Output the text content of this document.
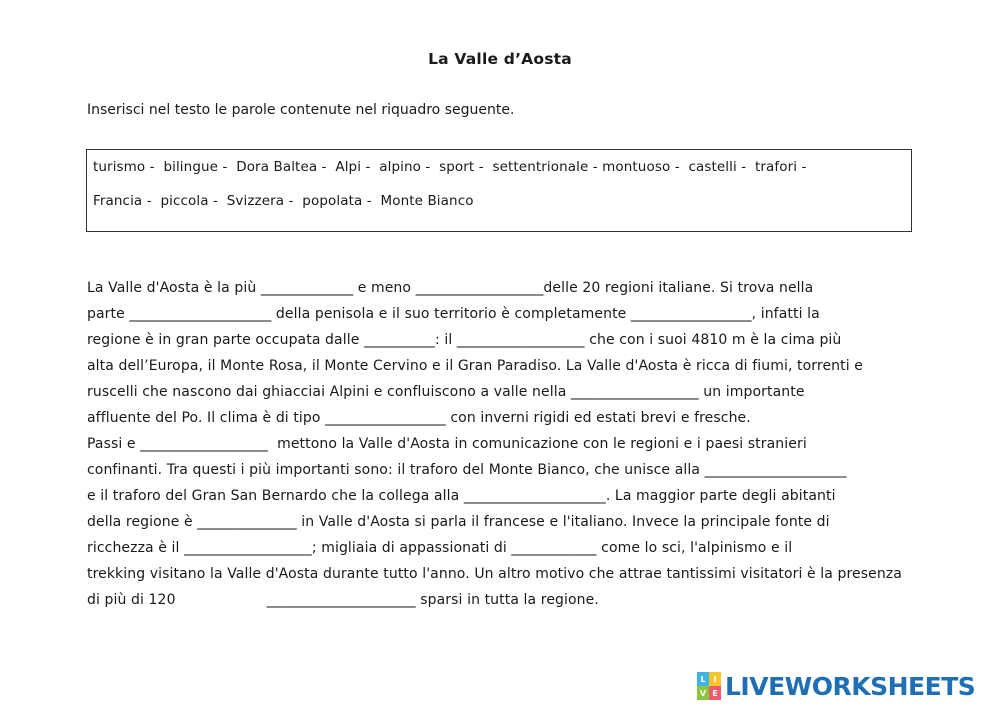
La Valle d’Aosta
Inserisci nel testo le parole contenute nel riquadro seguente.
turismo -  bilingue -  Dora Baltea -  Alpi -  alpino -  sport -  settentrionale - montuoso -  castelli -  trafori -
Francia -  piccola -  Svizzera -  popolata -  Monte Bianco
La Valle d'Aosta è la più _____________ e meno __________________delle 20 regioni italiane. Si trova nella
parte ____________________ della penisola e il suo territorio è completamente _________________, infatti la
regione è in gran parte occupata dalle __________: il __________________ che con i suoi 4810 m è la cima più
alta dell’Europa, il Monte Rosa, il Monte Cervino e il Gran Paradiso. La Valle d'Aosta è ricca di fiumi, torrenti e
ruscelli che nascono dai ghiacciai Alpini e confluiscono a valle nella __________________ un importante
affluente del Po. Il clima è di tipo _________________ con inverni rigidi ed estati brevi e fresche.
Passi e __________________  mettono la Valle d'Aosta in comunicazione con le regioni e i paesi stranieri
confinanti. Tra questi i più importanti sono: il traforo del Monte Bianco, che unisce alla ____________________
e il traforo del Gran San Bernardo che la collega alla ____________________. La maggior parte degli abitanti
della regione è ______________ in Valle d'Aosta si parla il francese e l'italiano. Invece la principale fonte di
ricchezza è il __________________; migliaia di appassionati di ____________ come lo sci, l'alpinismo e il
trekking visitano la Valle d'Aosta durante tutto l'anno. Un altro motivo che attrae tantissimi visitatori è la presenza
di più di 120                    _____________________ sparsi in tutta la regione.
L I
V E LIVEWORKSHEETS
